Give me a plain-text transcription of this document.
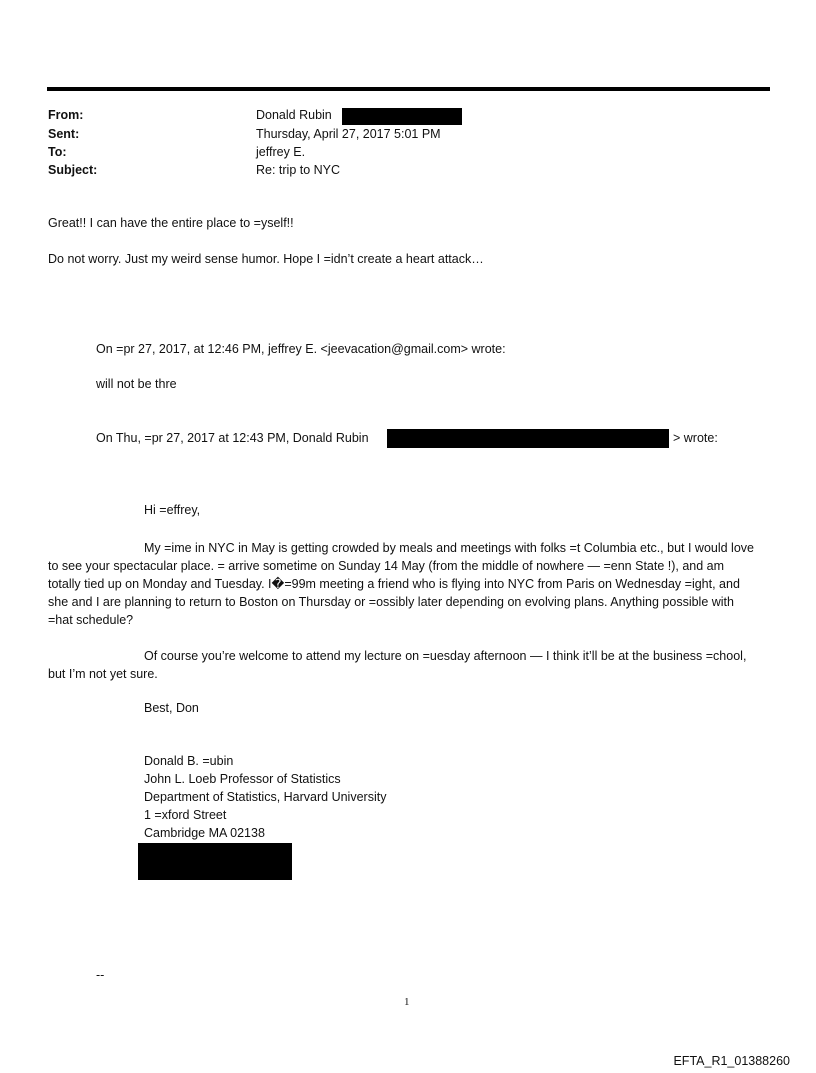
From:	Donald Rubin
Sent:	Thursday, April 27, 2017 5:01 PM
To:	jeffrey E.
Subject:	Re: trip to NYC
Great!! I can have the entire place to =yself!!
Do not worry. Just my weird sense humor. Hope I =idn’t create a heart attack…
On =pr 27, 2017, at 12:46 PM, jeffrey E. <jeevacation@gmail.com> wrote:
will not be thre
On Thu, =pr 27, 2017 at 12:43 PM, Donald Rubin	> wrote:
Hi =effrey,
My =ime in NYC in May is getting crowded by meals and meetings with folks =t Columbia etc., but I would love to see your spectacular place. = arrive sometime on Sunday 14 May (from the middle of nowhere — =enn State !), and am totally tied up on Monday and Tuesday. I�=99m meeting a friend who is flying into NYC from Paris on Wednesday =ight, and she and I are planning to return to Boston on Thursday or =ossibly later depending on evolving plans. Anything possible with =hat schedule?
Of course you’re welcome to attend my lecture on =uesday afternoon — I think it’ll be at the business =chool, but I’m not yet sure.
Best, Don
Donald B. =ubin
John L. Loeb Professor of Statistics
Department of Statistics, Harvard University
1 =xford Street
Cambridge MA 02138
--
1
EFTA_R1_01388260
